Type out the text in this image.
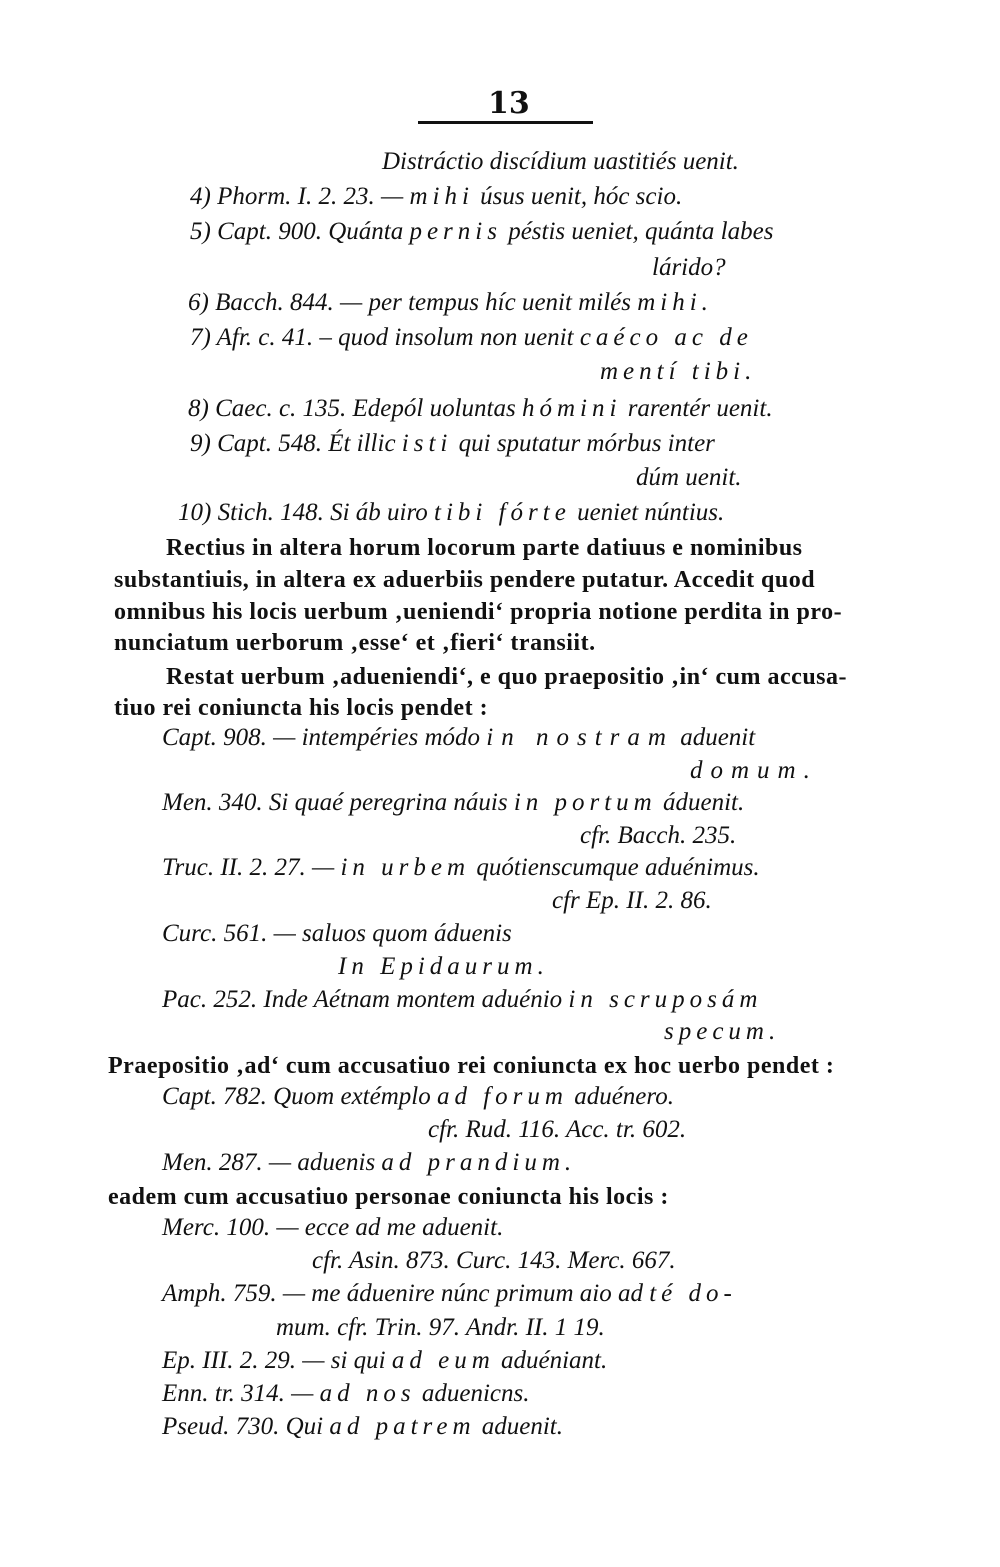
13
Distráctio discídium uastitiés uenit.
4) Phorm. I. 2. 23. — mihi úsus uenit, hóc scio.
5) Capt. 900. Quánta pernis péstis ueniet, quánta labes
lárido?
6) Bacch. 844. — per tempus híc uenit milés mihi.
7) Afr. c. 41. – quod insolum non uenit caéco ac de
mentí tibi.
8) Caec. c. 135. Edepól uoluntas hómini rarentér uenit.
9) Capt. 548. Ét illic isti qui sputatur mórbus inter
dúm uenit.
10) Stich. 148. Si áb uiro tibi fórte ueniet núntius.
Rectius in altera horum locorum parte datiuus e nominibus
substantiuis, in altera ex aduerbiis pendere putatur. Accedit quod
omnibus his locis uerbum ‚ueniendi‘ propria notione perdita in pro-
nunciatum uerborum ‚esse‘ et ‚fieri‘ transiit.
Restat uerbum ‚adueniendi‘, e quo praepositio ‚in‘ cum accusa-
tiuo rei coniuncta his locis pendet :
Capt. 908. — intempéries módo in nostram aduenit
domum.
Men. 340. Si quaé peregrina náuis in portum áduenit.
cfr. Bacch. 235.
Truc. II. 2. 27. — in urbem quótienscumque aduénimus.
cfr Ep. II. 2. 86.
Curc. 561. — saluos quom áduenis
In Epidaurum.
Pac. 252. Inde Aétnam montem aduénio in scruposám
specum.
Praepositio ‚ad‘ cum accusatiuo rei coniuncta ex hoc uerbo pendet :
Capt. 782. Quom extémplo ad forum aduénero.
cfr. Rud. 116. Acc. tr. 602.
Men. 287. — aduenis ad prandium.
eadem cum accusatiuo personae coniuncta his locis :
Merc. 100. — ecce ad me aduenit.
cfr. Asin. 873. Curc. 143. Merc. 667.
Amph. 759. — me áduenire núnc primum aio ad té do-
mum. cfr. Trin. 97. Andr. II. 1 19.
Ep. III. 2. 29. — si qui ad eum aduéniant.
Enn. tr. 314. — ad nos aduenicns.
Pseud. 730. Qui ad patrem aduenit.
